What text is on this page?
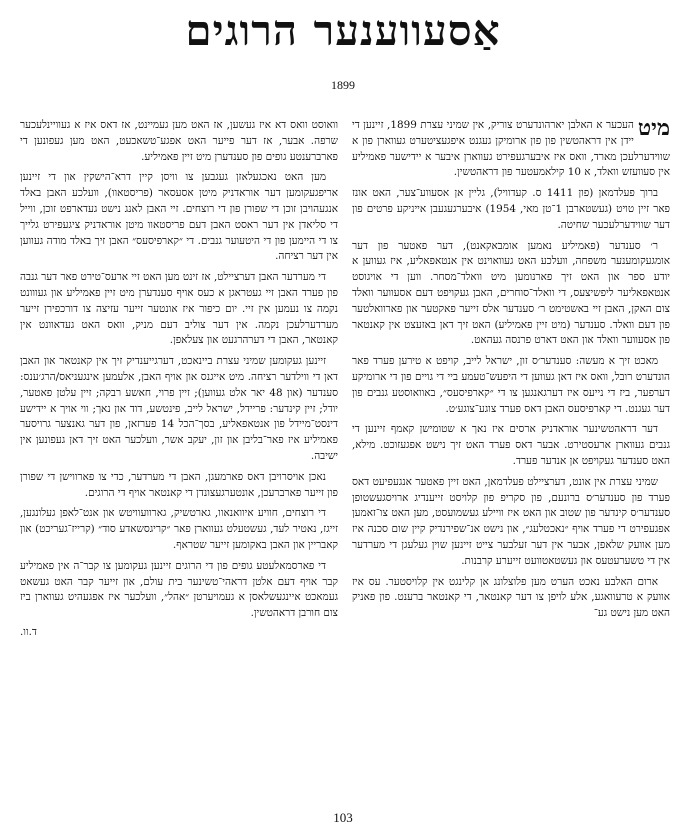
אַסעווענער הרוגים
1899

מיט
העכער א האלבן יארהונדערט צוריק, אין שמיני עצרת 1899, זיינען די יידן אין דראהטשין פון פון ארומיקן געגנט איפגעציטערט געווארן פון א שווידערלעכן מארד, וואס איז איבערגעפירט געווארן איבער א יידישער פאמיליע אין סעוועזש וואלד, א 10 קילאמעטער פון דראהטשין.

ברוך פעלדמאן (פון 1411 ס. קעדוויל), גליין אן אסעווע־צער, האט אונז פאר זיין טויט (געשטארבן 1־טן מאי, 1954) איבערגעגעבן אייניקע פרטים פון דער שווידערלעכער שחיטה.

ר׳ סענדער (פאמיליע נאמען אומבאקאנט), דער פאטער פון דער אומגעקומענער משפחה, וועלכע האט געוואוינט אין אנטאפאליע, איז געווען א יודע ספר און האט זיך פארנומען מיט וואלד־מסחר. ווען די אויגוסט אנטאפאליער ליפשיצעס, די וואלד־סוחרים, האבן געקויפט דעם אסעווער וואלד צום האקן, האבן זיי באשטימט ר׳ סענדער אלס זייער פאקטער און פארוואלטער פון דעם וואלד. סענדער (מיט זיין פאמיליע) האט זיך דאן באזעצט אין קאנטאר פון אסעווער וואלד און האט דארט פרנסה געהאט.

מאכט זיך א מעשה: סענדער׳ס זון, ישראל לייב, קויפט א טירען פערד פאר הונדערט רובל, וואס איז דאן געווען די היפעש־טעמע ביי די גויים פון די ארומיקע דערפער, ביז די נייעס איז דערגאנגען צו די ״קארפיסעס״, באוואוסטע גנבים פון דער געגנט. די קארפיסעס האבן דאס פערד צוגע־צוגע׳ט.

דער דראהטשינער אוראדניק ארסים איז נאך א שטומישן קאמף זיינען די גנבים געווארן ארעסטירט. אבער דאס פערד האט זיך נישט אפגעזוכט. מילא, האט סענדער געקויפט אן אנדער פערד.

שמיני עצרת אין אונט, דערציילט פעלדמאן, האט זיין פאטער אנגעפיעט דאס פערד פון סענדער׳ס ברונעם, פון סקריפ פון קלויסט זייענדיג ארויסגעשטופן סענדער׳ס קינדער פון שטוב און האט איז וויילע געשמועסט, מען האט צו־זאמען אפגעפירט די פערד אויף ״נאכטלעג״, און נישט אנ־שפירנדיק קיין שום סכנה איז מען אוועק שלאפן, אבער אין דער זעלבער צייט זיינען שוין געלעגן די מערדער אין די טשערעטעס און געשטאטוועט זייערע קרבנות.

ארום האלבע נאכט הערט מען פלוצלונג אן קלינגט אין קלויסטער. עס איז אוועק א טרעוואגע, אלע לויפן צו דער קאנטאר, די קאנטאר ברענט. פון פאניק האט מען נישט גע־

וואוסט וואס דא איז געשען, אז האט מען געמיינט, אז דאס איז א געוויינלעכער שרפה. אבער, אז דער פייער האט אפגע־טשאכעט, האט מען געפונען די פארברענטע גופים פון סענדערן מיט זיין פאמיליע.

מען האט נאכגעלאזן געגבען צו וויסן קיין דרא־הישקין און די זיינען אריפגעקומען דער אוראדניק מיטן אסעסאר (פריסטאוו), וועלכע האבן באלד אנגעהויבן זוכן די שפורן פון די רוצחים. זיי האבן לאנג נישט געדארפט זוכן, ווייל די סליאדן אין דער ראסט האבן דעם פריסטאוו מיטן אוראדניק ציגעפירט גלייך צו די היימען פון די היטעוער גנבים. די ״קארפיסעס״ האבן זיך באלד מודה געווען אין דער רציחה.

די מערדער האבן דערציילט, אז זינט מען האט זיי ארעס־טירט פאר דער גנבה פון פערד האבן זיי געטראגן א כעס אויף סענדערן מיט זיין פאמיליע און געווונט נקמה צו נעמען אין זיי. יום כיפור איז אונטער זייער עזיצה צו דורכפירן זייער מערדערלעכן נקמה. אין דער צוליב דעם מניק, וואס האט געדאוונט אין קאנטאר, האבן די דערהרגעט און צעלאפן.

זיינען געקומען שמיני עצרת ביינאכט, דערגייענדיק זיך אין קאנטאר און האבן דאן די ווילדער רציחה. מיט אייגנס און אויף האבן, אלעמען אינגעניאס/הרג׳ענס: סענדער (און 48 יאר אלט געווען); זיין פרוי, חאשע רבקה; זיין עלטן פאטער, יודל; זיין קינדער: פריידל, ישראל לייב, פינטשע, דוד און נאך; ווי אויך א יידישע דינסט־מיידל פון אנטאפאליע, בסך־הכל 14 פערזאן, פון דער גאנצער גרויסער פאמיליע איז פאר־בליבן און זון, יעקב אשר, וועלכער האט זיך דאן געפונען אין ישיבה.

נאכן אויסרויבן דאס פארמעגן, האבן די מערדער, כדי צו פארווישן די שפורן פון זייער פארברעכן, אונטערגעצונדן די קאנטאר אויף די הרוגים.

די רוצחים, חוויע איוואנאוו, גארטשיק, גארוועוויטש און אנט־לאפן געלונגען, זייגז, נאטיר לעד, געשטעלט געווארן פאר ״קריגסשאדע סוד״ (קרייז־געריכט) און קאבריין און האבן באקומען זייער שטראף.

די פארסמאלעטע גופים פון די הרוגים זיינען געקומען צו קבר־ה אין פאמיליע קבר אויף דעם אלטן דראהי־טשינער בית עולם, און זייער קבר האט געשאט געמאכט איינגעשלאסן א געמויערטן ״אהל״, וועלכער איז אפגעהיט געווארן ביז צום חורבן דראהטשין.

ד.וו.

103
